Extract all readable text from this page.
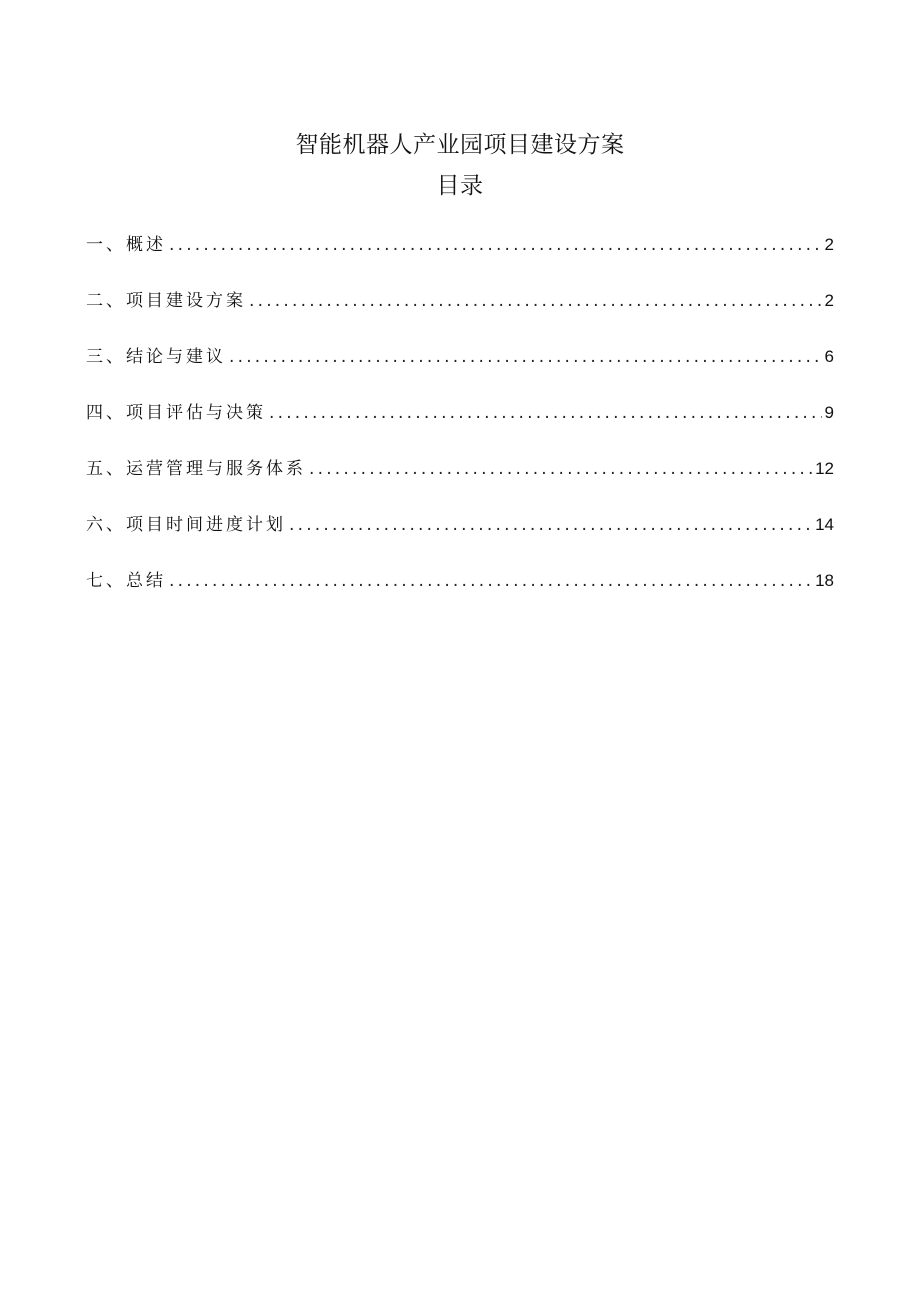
智能机器人产业园项目建设方案
目录
一、概述 .....	2
二、项目建设方案 .....	2
三、结论与建议 .....	6
四、项目评估与决策 .....	9
五、运营管理与服务体系 .....	12
六、项目时间进度计划 .....	14
七、总结 .....	18
